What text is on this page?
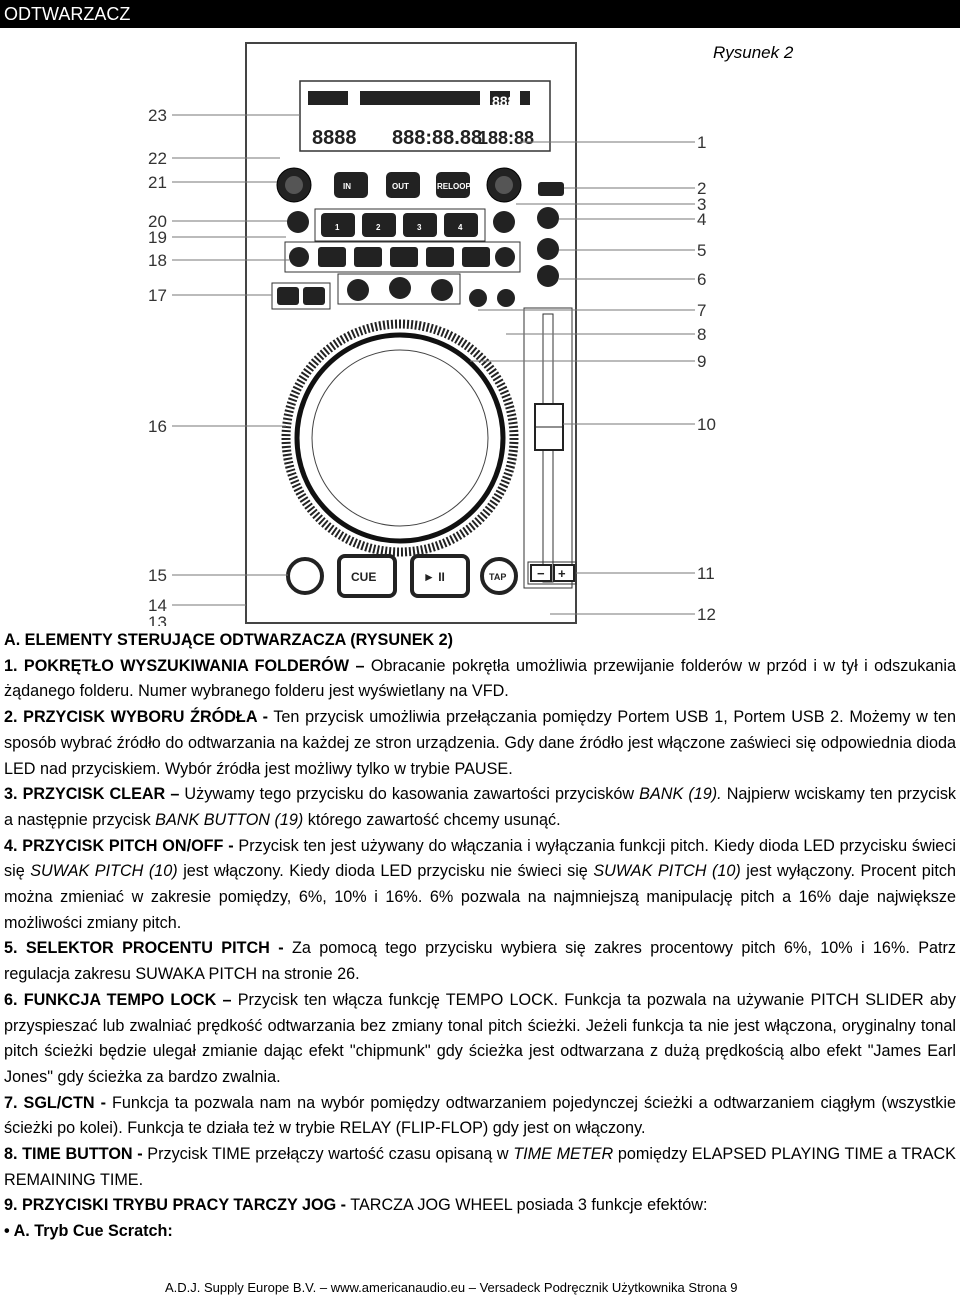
ODTWARZACZ
Rysunek 2
8888 888:88.88
188:88
888
IN	OUT	RELOOP
1	2	3	4
CUE	► II	TAP − +
23
22
21
20
19
18
17
16
15
14
13
1
2
3
4
5
6
7
8
9
10
11
12

A. ELEMENTY STERUJĄCE ODTWARZACZA (RYSUNEK 2)

1. POKRĘTŁO WYSZUKIWANIA FOLDERÓW – Obracanie pokrętła umożliwia przewijanie folderów w przód i w tył i odszukania żądanego folderu. Numer wybranego folderu jest wyświetlany na VFD.

2. PRZYCISK WYBORU ŹRÓDŁA - Ten przycisk umożliwia przełączania pomiędzy Portem USB 1, Portem USB 2. Możemy w ten sposób wybrać źródło do odtwarzania na każdej ze stron urządzenia. Gdy dane źródło jest włączone zaświeci się odpowiednia dioda LED nad przyciskiem. Wybór źródła jest możliwy tylko w trybie PAUSE.

3. PRZYCISK CLEAR – Używamy tego przycisku do kasowania zawartości przycisków BANK (19). Najpierw wciskamy ten przycisk a następnie przycisk BANK BUTTON (19) którego zawartość chcemy usunąć.

4. PRZYCISK PITCH ON/OFF - Przycisk ten jest używany do włączania i wyłączania funkcji pitch. Kiedy dioda LED przycisku świeci się SUWAK PITCH (10) jest włączony. Kiedy dioda LED przycisku nie świeci się SUWAK PITCH (10) jest wyłączony. Procent pitch można zmieniać w zakresie pomiędzy, 6%, 10% i 16%. 6% pozwala na najmniejszą manipulację pitch a 16% daje największe możliwości zmiany pitch.

5. SELEKTOR PROCENTU PITCH - Za pomocą tego przycisku wybiera się zakres procentowy pitch 6%, 10% i 16%. Patrz regulacja zakresu SUWAKA PITCH na stronie 26.

6. FUNKCJA TEMPO LOCK – Przycisk ten włącza funkcję TEMPO LOCK. Funkcja ta pozwala na używanie PITCH SLIDER aby przyspieszać lub zwalniać prędkość odtwarzania bez zmiany tonal pitch ścieżki. Jeżeli funkcja ta nie jest włączona, oryginalny tonal pitch ścieżki będzie ulegał zmianie dając efekt "chipmunk" gdy ścieżka jest odtwarzana z dużą prędkością albo efekt "James Earl Jones" gdy ścieżka za bardzo zwalnia.

7. SGL/CTN - Funkcja ta pozwala nam na wybór pomiędzy odtwarzaniem pojedynczej ścieżki a odtwarzaniem ciągłym (wszystkie ścieżki po kolei). Funkcja te działa też w trybie RELAY (FLIP-FLOP) gdy jest on włączony.

8. TIME BUTTON - Przycisk TIME przełączy wartość czasu opisaną w TIME METER pomiędzy ELAPSED PLAYING TIME a TRACK REMAINING TIME.

9. PRZYCISKI TRYBU PRACY TARCZY JOG - TARCZA JOG WHEEL posiada 3 funkcje efektów:

• A. Tryb Cue Scratch:

A.D.J. Supply Europe B.V. – www.americanaudio.eu – Versadeck Podręcznik Użytkownika Strona 9
